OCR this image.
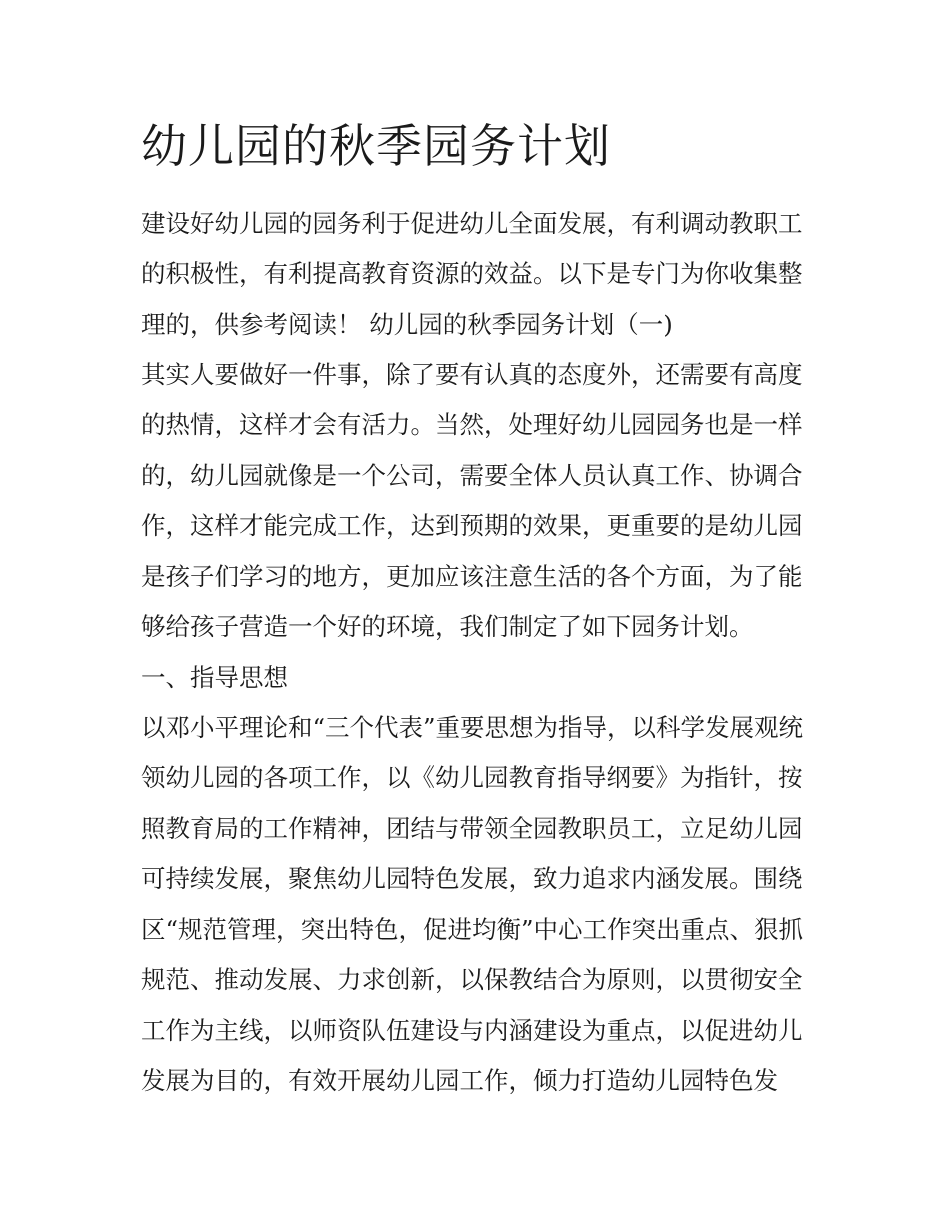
幼儿园的秋季园务计划

建设好幼儿园的园务利于促进幼儿全面发展，有利调动教职工

的积极性，有利提高教育资源的效益。以下是专门为你收集整

理的，供参考阅读！ 幼儿园的秋季园务计划（一)

其实人要做好一件事，除了要有认真的态度外，还需要有高度

的热情，这样才会有活力。当然，处理好幼儿园园务也是一样

的，幼儿园就像是一个公司，需要全体人员认真工作、协调合

作，这样才能完成工作，达到预期的效果，更重要的是幼儿园

是孩子们学习的地方，更加应该注意生活的各个方面，为了能

够给孩子营造一个好的环境，我们制定了如下园务计划。

一、指导思想

以邓小平理论和“三个代表”重要思想为指导，以科学发展观统

领幼儿园的各项工作，以《幼儿园教育指导纲要》为指针，按

照教育局的工作精神，团结与带领全园教职员工，立足幼儿园

可持续发展，聚焦幼儿园特色发展，致力追求内涵发展。围绕

区“规范管理，突出特色，促进均衡”中心工作突出重点、狠抓

规范、推动发展、力求创新，以保教结合为原则，以贯彻安全

工作为主线，以师资队伍建设与内涵建设为重点，以促进幼儿

发展为目的，有效开展幼儿园工作，倾力打造幼儿园特色发
